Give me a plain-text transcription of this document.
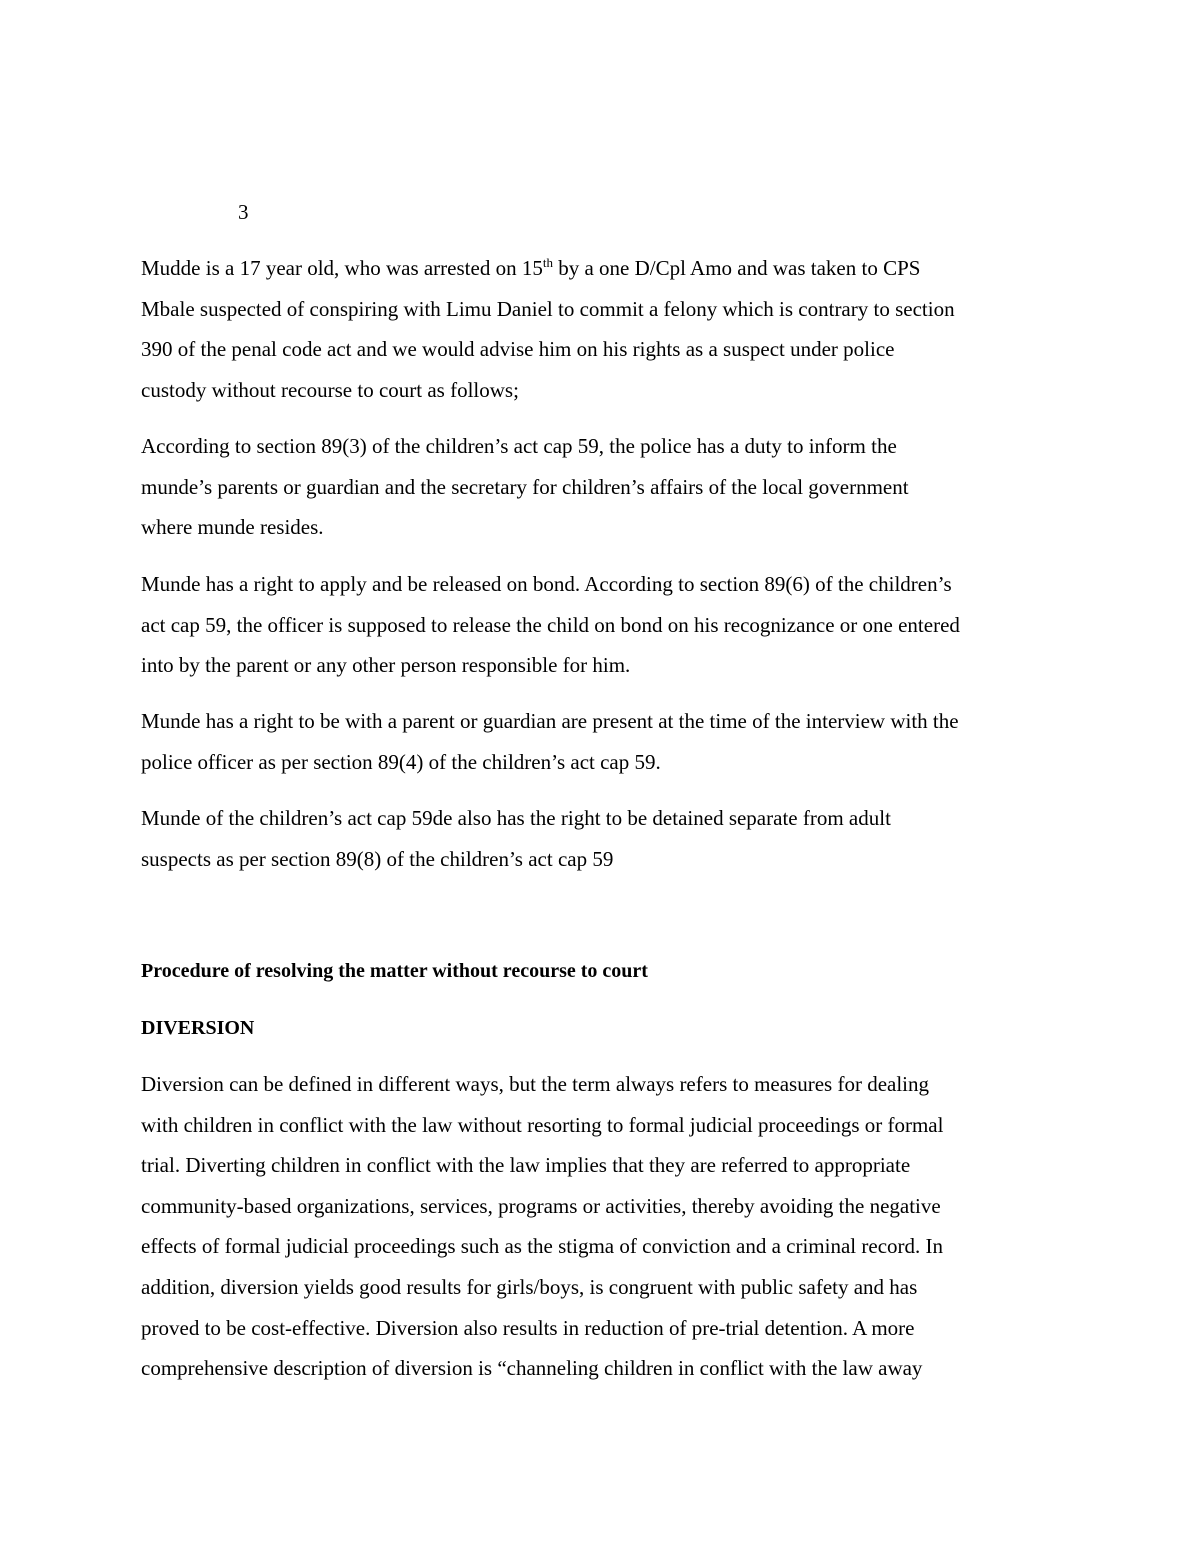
3

Mudde is a 17 year old, who was arrested on 15th by a one D/Cpl Amo and was taken to CPS
Mbale suspected of conspiring with Limu Daniel to commit a felony which is contrary to section
390 of the penal code act and we would advise him on his rights as a suspect under police
custody without recourse to court as follows;

According to section 89(3) of the children’s act cap 59, the police has a duty to inform the
munde’s parents or guardian and the secretary for children’s affairs of the local government
where munde resides.

Munde has a right to apply and be released on bond. According to section 89(6) of the children’s
act cap 59, the officer is supposed to release the child on bond on his recognizance or one entered
into by the parent or any other person responsible for him.

Munde has a right to be with a parent or guardian are present at the time of the interview with the
police officer as per section 89(4) of the children’s act cap 59.

Munde of the children’s act cap 59de also has the right to be detained separate from adult
suspects as per section 89(8) of the children’s act cap 59

Procedure of resolving the matter without recourse to court
DIVERSION

Diversion can be defined in different ways, but the term always refers to measures for dealing
with children in conflict with the law without resorting to formal judicial proceedings or formal
trial. Diverting children in conflict with the law implies that they are referred to appropriate
community-based organizations, services, programs or activities, thereby avoiding the negative
effects of formal judicial proceedings such as the stigma of conviction and a criminal record. In
addition, diversion yields good results for girls/boys, is congruent with public safety and has
proved to be cost-effective. Diversion also results in reduction of pre-trial detention. A more
comprehensive description of diversion is “channeling children in conflict with the law away
